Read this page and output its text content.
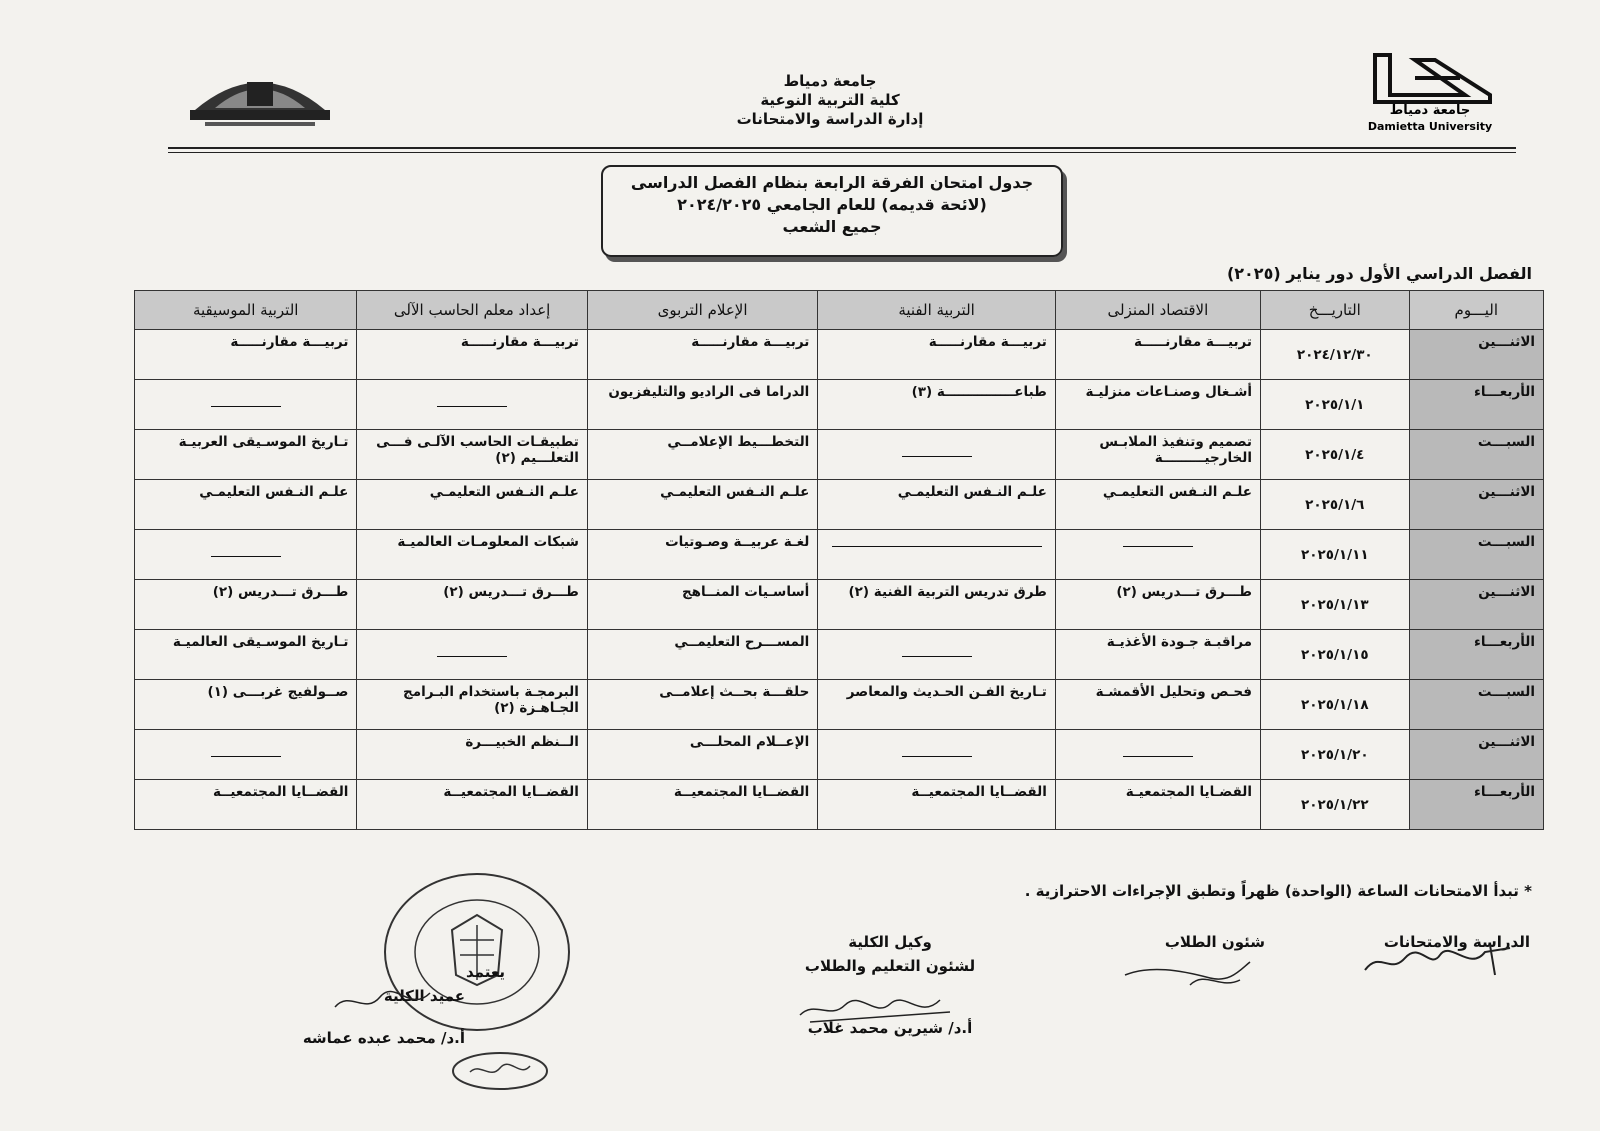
جامعة دمياط
Damietta University
جامعة دمياط
كلية التربية النوعية
إدارة الدراسة والامتحانات
جدول امتحان الفرقة الرابعة بنظام الفصل الدراسى
(لائحة قديمه) للعام الجامعي ٢٠٢٤/٢٠٢٥
جميع الشعب
الفصل الدراسي الأول دور يناير (٢٠٢٥)
اليـــوم	التاريـــخ	الاقتصاد المنزلى	التربية الفنية	الإعلام التربوى	إعداد معلم الحاسب الآلى	التربية الموسيقية
الاثنـــين	٢٠٢٤/١٢/٣٠	تربيـــة مقارنـــــة	تربيـــة مقارنـــــة	تربيـــة مقارنـــــة	تربيـــة مقارنـــــة	تربيـــة مقارنـــــة
الأربعـــاء	٢٠٢٥/١/١	أشـغال وصنـاعات منزليـة	طباعـــــــــــــــة (٣)	الدراما فى الراديو والتليفزيون	

السبـــت	٢٠٢٥/١/٤	تصميم وتنفيذ الملابـس الخارجيـــــــــة		التخطـــيط الإعلامــي	تطبيقـات الحاسب الآلـى فـــى التعلـــيم (٢)	تـاريخ الموسـيقى العربيـة
الاثنـــين	٢٠٢٥/١/٦	علـم النـفس التعليمـي	علـم النـفس التعليمـي	علـم النـفس التعليمـي	علـم النـفس التعليمـي	علـم النـفس التعليمـي
السبـــت	٢٠٢٥/١/١١			لغـة عربيــة وصـوتيات	شبكات المعلومـات العالميـة	

الاثنـــين	٢٠٢٥/١/١٣	طـــرق تـــدريس (٢)	طرق تدريس التربية الفنية (٢)	أساسـيات المنــاهج	طـــرق تـــدريس (٢)	طـــرق تـــدريس (٢)
الأربعـــاء	٢٠٢٥/١/١٥	مراقبـة جـودة الأغذيـة		المســـرح التعليمــي		تـاريخ الموسـيقى العالميـة
السبـــت	٢٠٢٥/١/١٨	فحـص وتحليل الأقمشـة	تـاريخ الفـن الحـديث والمعاصر	حلقـــة بحــث إعلامــى	البرمجـة باستخدام البـرامج الجـاهـزة (٢)	صــولفيج غربـــى (١)
الاثنـــين	٢٠٢٥/١/٢٠			الإعــلام المحلـــى	الــنظم الخبيـــرة	

الأربعـــاء	٢٠٢٥/١/٢٢	القضـايا المجتمعيـة	القضــايا المجتمعيــة	القضــايا المجتمعيــة	القضــايا المجتمعيــة	القضــايا المجتمعيــة
* تبدأ الامتحانات الساعة (الواحدة) ظهراً وتطبق الإجراءات الاحترازية .
الدراسة والامتحانات
شئون الطلاب
وكيل الكلية
لشئون التعليم والطلاب
أ.د/ شيرين محمد غلاب
يعتمد
عميد الكلية
أ.د/ محمد عبده عماشه
